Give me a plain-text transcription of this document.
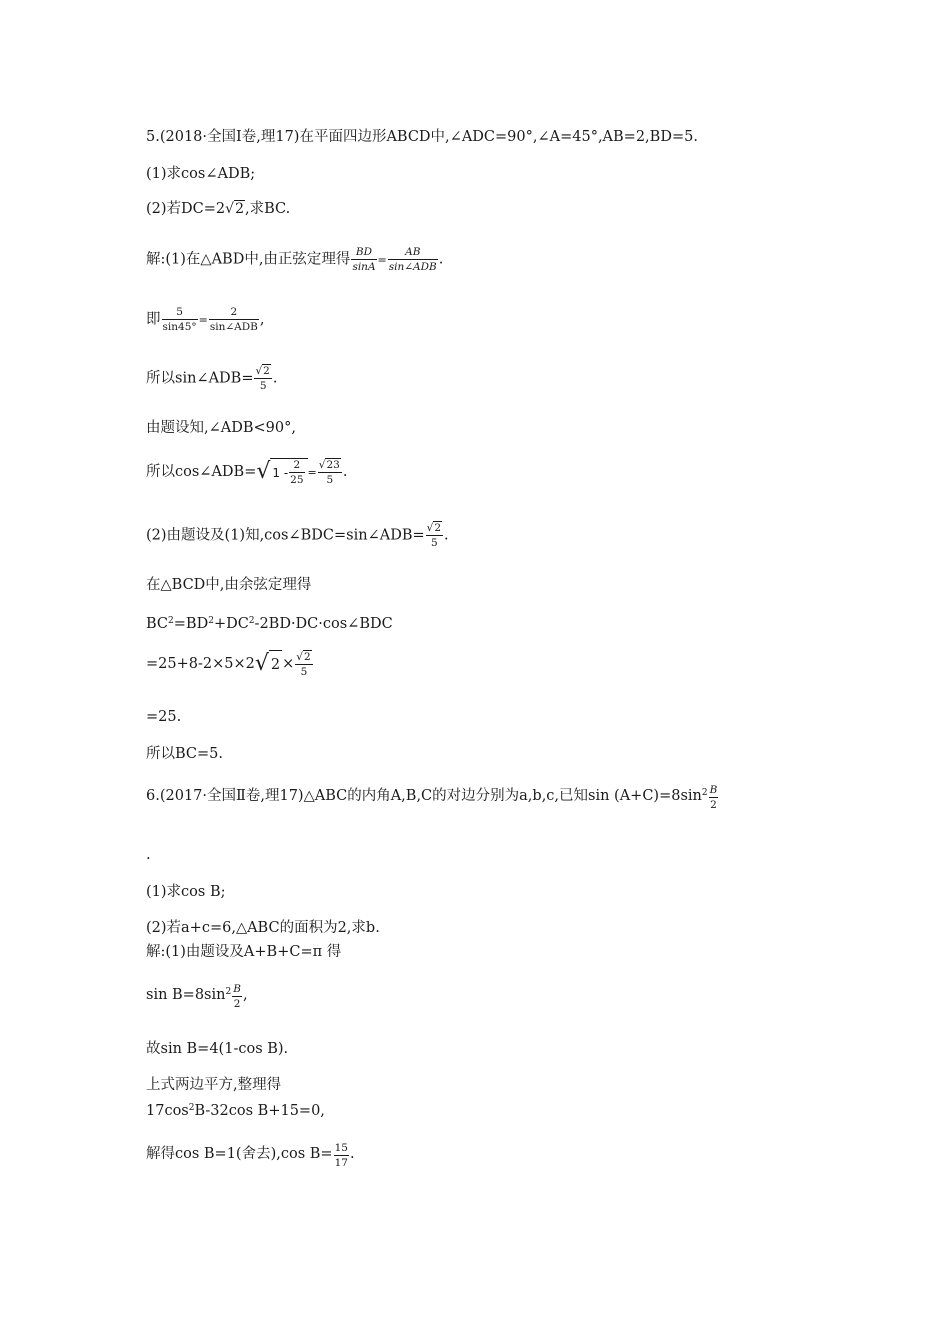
5.(2018·全国Ⅰ卷,理17)在平面四边形ABCD中,∠ADC=90°,∠A=45°,AB=2,BD=5.
(1)求cos∠ADB;
(2)若DC=2√2,求BC.
解:(1)在△ABD中,由正弦定理得 $\frac{BD}{\sin A} = \frac{AB}{\text{sin∠ADB}}$ .
即 $\frac{5}{\sin 45^\circ} = \frac{2}{\text{sin∠ADB}}$ ,
所以sin∠ADB= $\frac{√2}{5}$ .
由题设知,∠ADB<90°,
所以cos∠ADB= √ $1 - \frac{2}{25} = \frac{√23}{5}$ .
(2)由题设及(1)知,cos∠BDC=sin∠ADB= $\frac{√2}{5}$ .
在△BCD中,由余弦定理得
$BC^2=BD^2+DC^2-2BD\cdot DC\cdot\cos\angle BDC$
=25+8-2×5×2 √ $2 \times \frac{√2}{5}$
=25.
所以BC=5.
6.(2017·全国Ⅱ卷,理17)△ABC的内角A,B,C的对边分别为a,b,c,已知$\sin (A+C)=8\sin^2 \frac{B}{2}$
.
(1)求cos B;
(2)若a+c=6,△ABC的面积为2,求b.
解:(1)由题设及A+B+C=π 得
$\sin B=8\sin^2 \frac{B}{2}$ ,
故sin B=4(1-cos B).
上式两边平方,整理得
$17\cos^2B-32\cos$ B+15=0,
解得cos B=1(舍去),cos $B= \frac{15}{17}$ .
